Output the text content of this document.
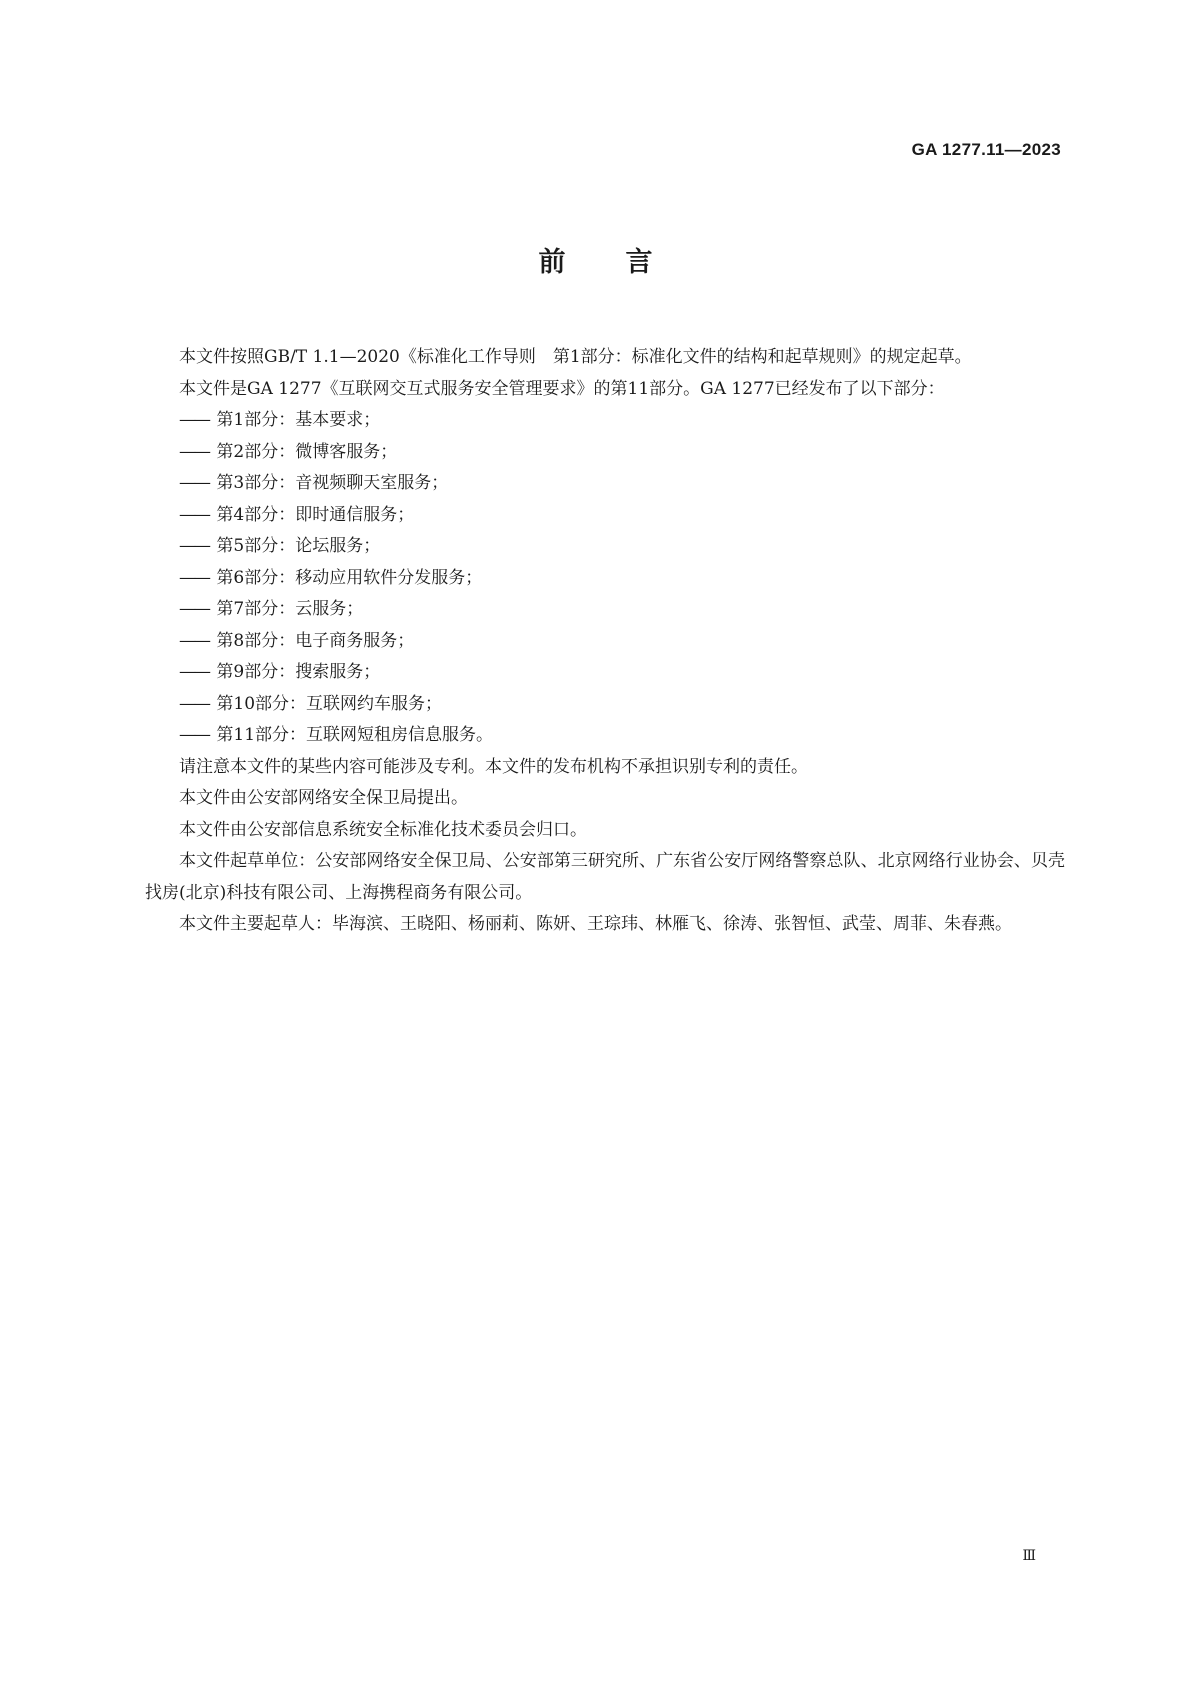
GA 1277.11—2023
前言

本文件按照GB/T 1.1—2020《标准化工作导则　第1部分：标准化文件的结构和起草规则》的规定起草。

本文件是GA 1277《互联网交互式服务安全管理要求》的第11部分。GA 1277已经发布了以下部分：

—— 第1部分：基本要求；
—— 第2部分：微博客服务；
—— 第3部分：音视频聊天室服务；
—— 第4部分：即时通信服务；
—— 第5部分：论坛服务；
—— 第6部分：移动应用软件分发服务；
—— 第7部分：云服务；
—— 第8部分：电子商务服务；
—— 第9部分：搜索服务；
—— 第10部分：互联网约车服务；
—— 第11部分：互联网短租房信息服务。

请注意本文件的某些内容可能涉及专利。本文件的发布机构不承担识别专利的责任。

本文件由公安部网络安全保卫局提出。

本文件由公安部信息系统安全标准化技术委员会归口。

本文件起草单位：公安部网络安全保卫局、公安部第三研究所、广东省公安厅网络警察总队、北京网络行业协会、贝壳找房(北京)科技有限公司、上海携程商务有限公司。

本文件主要起草人：毕海滨、王晓阳、杨丽莉、陈妍、王琮玮、林雁飞、徐涛、张智恒、武莹、周菲、朱春燕。

Ⅲ
